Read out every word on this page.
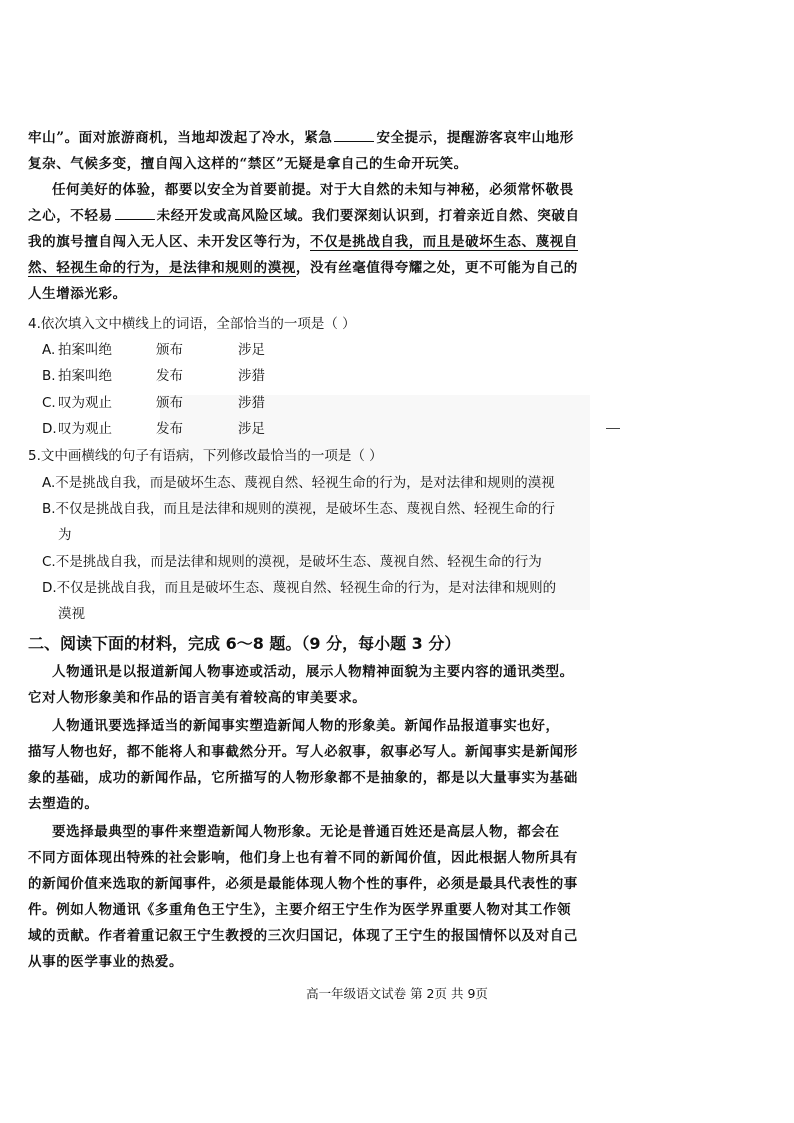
牢山”。面对旅游商机，当地却泼起了冷水，紧急	安全提示，提醒游客哀牢山地形
复杂、气候多变，擅自闯入这样的“禁区”无疑是拿自己的生命开玩笑。
任何美好的体验，都要以安全为首要前提。对于大自然的未知与神秘，必须常怀敬畏
之心，不轻易	未经开发或高风险区域。我们要深刻认识到，打着亲近自然、突破自
我的旗号擅自闯入无人区、未开发区等行为，不仅是挑战自我，而且是破坏生态、蔑视自
然、轻视生命的行为，是法律和规则的漠视，没有丝毫值得夸耀之处，更不可能为自己的
人生增添光彩。
4.依次填入文中横线上的词语，全部恰当的一项是（ ）
A. 拍案叫绝	颁布	涉足
B. 拍案叫绝	发布	涉猎
C. 叹为观止	颁布	涉猎
D. 叹为观止	发布	涉足
5.文中画横线的句子有语病，下列修改最恰当的一项是（ ）
A.不是挑战自我，而是破坏生态、蔑视自然、轻视生命的行为，是对法律和规则的漠视
B.不仅是挑战自我，而且是法律和规则的漠视，是破坏生态、蔑视自然、轻视生命的行
为
C.不是挑战自我，而是法律和规则的漠视，是破坏生态、蔑视自然、轻视生命的行为
D.不仅是挑战自我，而且是破坏生态、蔑视自然、轻视生命的行为，是对法律和规则的
漠视
二、阅读下面的材料，完成 6～8 题。（9 分，每小题 3 分）
人物通讯是以报道新闻人物事迹或活动，展示人物精神面貌为主要内容的通讯类型。
它对人物形象美和作品的语言美有着较高的审美要求。
人物通讯要选择适当的新闻事实塑造新闻人物的形象美。新闻作品报道事实也好，
描写人物也好，都不能将人和事截然分开。写人必叙事，叙事必写人。新闻事实是新闻形
象的基础，成功的新闻作品，它所描写的人物形象都不是抽象的，都是以大量事实为基础
去塑造的。
要选择最典型的事件来塑造新闻人物形象。无论是普通百姓还是高层人物，都会在
不同方面体现出特殊的社会影响，他们身上也有着不同的新闻价值，因此根据人物所具有
的新闻价值来选取的新闻事件，必须是最能体现人物个性的事件，必须是最具代表性的事
件。例如人物通讯《多重角色王宁生》，主要介绍王宁生作为医学界重要人物对其工作领
域的贡献。作者着重记叙王宁生教授的三次归国记，体现了王宁生的报国情怀以及对自己
从事的医学事业的热爱。
高一年级语文试卷 第 2页 共 9页
